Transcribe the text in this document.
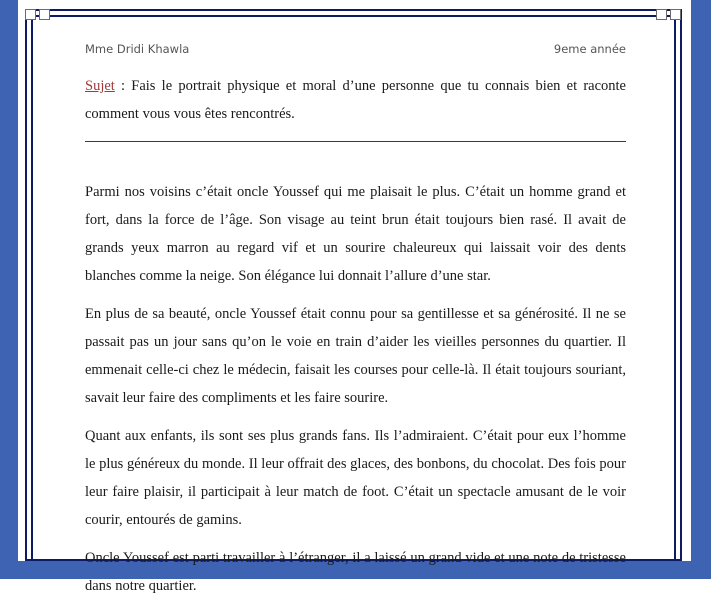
Mme Dridi Khawla	9eme année
Sujet : Fais le portrait physique et moral d’une personne que tu connais bien et raconte comment vous vous êtes rencontrés.

Parmi nos voisins c’était oncle Youssef qui me plaisait le plus. C’était un homme grand et fort, dans la force de l’âge. Son visage au teint brun était toujours bien rasé. Il avait de grands yeux marron au regard vif et un sourire chaleureux qui laissait voir des dents blanches comme la neige. Son élégance lui donnait l’allure d’une star.

En plus de sa beauté, oncle Youssef était connu pour sa gentillesse et sa générosité. Il ne se passait pas un jour sans qu’on le voie en train d’aider les vieilles personnes du quartier. Il emmenait celle-ci chez le médecin, faisait les courses pour celle-là. Il était toujours souriant, savait leur faire des compliments et les faire sourire.

Quant aux enfants, ils sont ses plus grands fans. Ils l’admiraient. C’était pour eux l’homme le plus généreux du monde. Il leur offrait des glaces, des bonbons, du chocolat. Des fois pour leur faire plaisir, il participait à leur match de foot. C’était un spectacle amusant de le voir courir, entourés de gamins.

Oncle Youssef est parti travailler à l’étranger, il a laissé un grand vide et une note de tristesse dans notre quartier.
